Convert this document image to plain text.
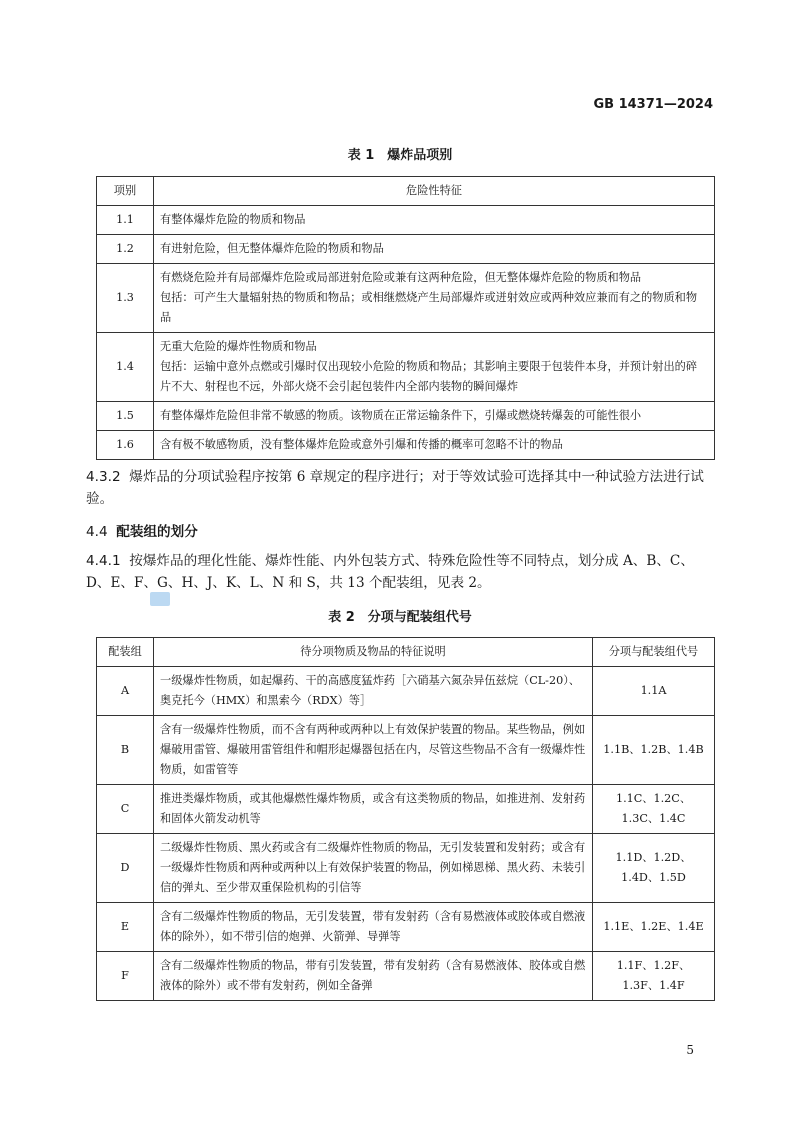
GB 14371—2024
表 1　爆炸品项别
项别	危险性特征
1.1	有整体爆炸危险的物质和物品
1.2	有进射危险，但无整体爆炸危险的物质和物品
1.3	有燃烧危险并有局部爆炸危险或局部迸射危险或兼有这两种危险，但无整体爆炸危险的物质和物品
包括：可产生大量辐射热的物质和物品；或相继燃烧产生局部爆炸或迸射效应或两种效应兼而有之的物质和物品

1.4	无重大危险的爆炸性物质和物品
包括：运输中意外点燃或引爆时仅出现较小危险的物质和物品；其影响主要限于包装件本身，并预计射出的碎片不大、射程也不远，外部火烧不会引起包装件内全部内装物的瞬间爆炸

1.5	有整体爆炸危险但非常不敏感的物质。该物质在正常运输条件下，引爆或燃烧转爆轰的可能性很小
1.6	含有极不敏感物质，没有整体爆炸危险或意外引爆和传播的概率可忽略不计的物品
4.3.2 爆炸品的分项试验程序按第 6 章规定的程序进行；对于等效试验可选择其中一种试验方法进行试验。
4.4 配装组的划分
4.4.1 按爆炸品的理化性能、爆炸性能、内外包装方式、特殊危险性等不同特点，划分成 A、B、C、D、E、F、G、H、J、K、L、N 和 S，共 13 个配装组，见表 2。
表 2　分项与配装组代号
配装组	待分项物质及物品的特征说明	分项与配装组代号
A	一级爆炸性物质，如起爆药、干的高感度猛炸药［六硝基六氮杂异伍兹烷（CL-20）、奥克托今（HMX）和黑索今（RDX）等］	1.1A
B	含有一级爆炸性物质，而不含有两种或两种以上有效保护装置的物品。某些物品，例如爆破用雷管、爆破用雷管组件和帽形起爆器包括在内，尽管这些物品不含有一级爆炸性物质，如雷管等	1.1B、1.2B、1.4B
C	推进类爆炸物质，或其他爆燃性爆炸物质，或含有这类物质的物品，如推进剂、发射药和固体火箭发动机等	1.1C、1.2C、1.3C、1.4C
D	二级爆炸性物质、黑火药或含有二级爆炸性物质的物品，无引发装置和发射药；或含有一级爆炸性物质和两种或两种以上有效保护装置的物品，例如梯恩梯、黑火药、未装引信的弹丸、至少带双重保险机构的引信等	1.1D、1.2D、1.4D、1.5D
E	含有二级爆炸性物质的物品，无引发装置，带有发射药（含有易燃液体或胶体或自燃液体的除外），如不带引信的炮弹、火箭弹、导弹等	1.1E、1.2E、1.4E
F	含有二级爆炸性物质的物品，带有引发装置，带有发射药（含有易燃液体、胶体或自燃液体的除外）或不带有发射药，例如全备弹	1.1F、1.2F、1.3F、1.4F
5
